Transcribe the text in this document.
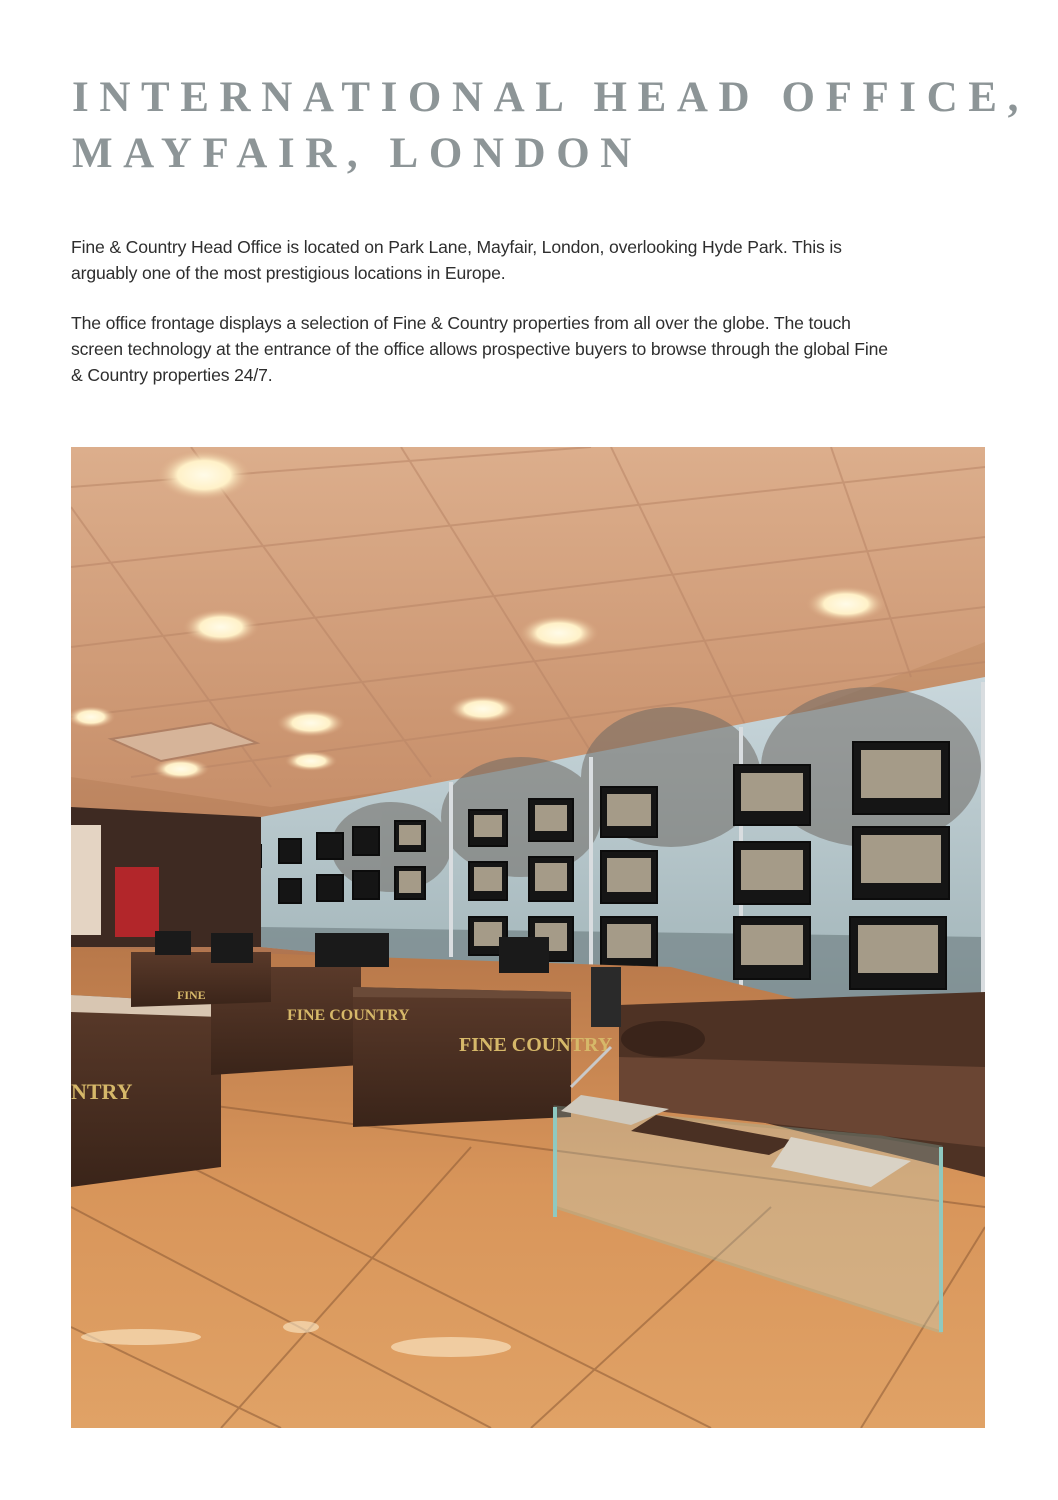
INTERNATIONAL HEAD OFFICE,
MAYFAIR, LONDON

Fine & Country Head Office is located on Park Lane, Mayfair, London, overlooking Hyde Park. This is
arguably one of the most prestigious locations in Europe.

The office frontage displays a selection of Fine & Country properties from all over the globe. The touch
screen technology at the entrance of the office allows prospective buyers to browse through the global Fine
& Country properties 24/7.

FINE COUNTRY
FINE COUNTRY
FINE
NTRY
